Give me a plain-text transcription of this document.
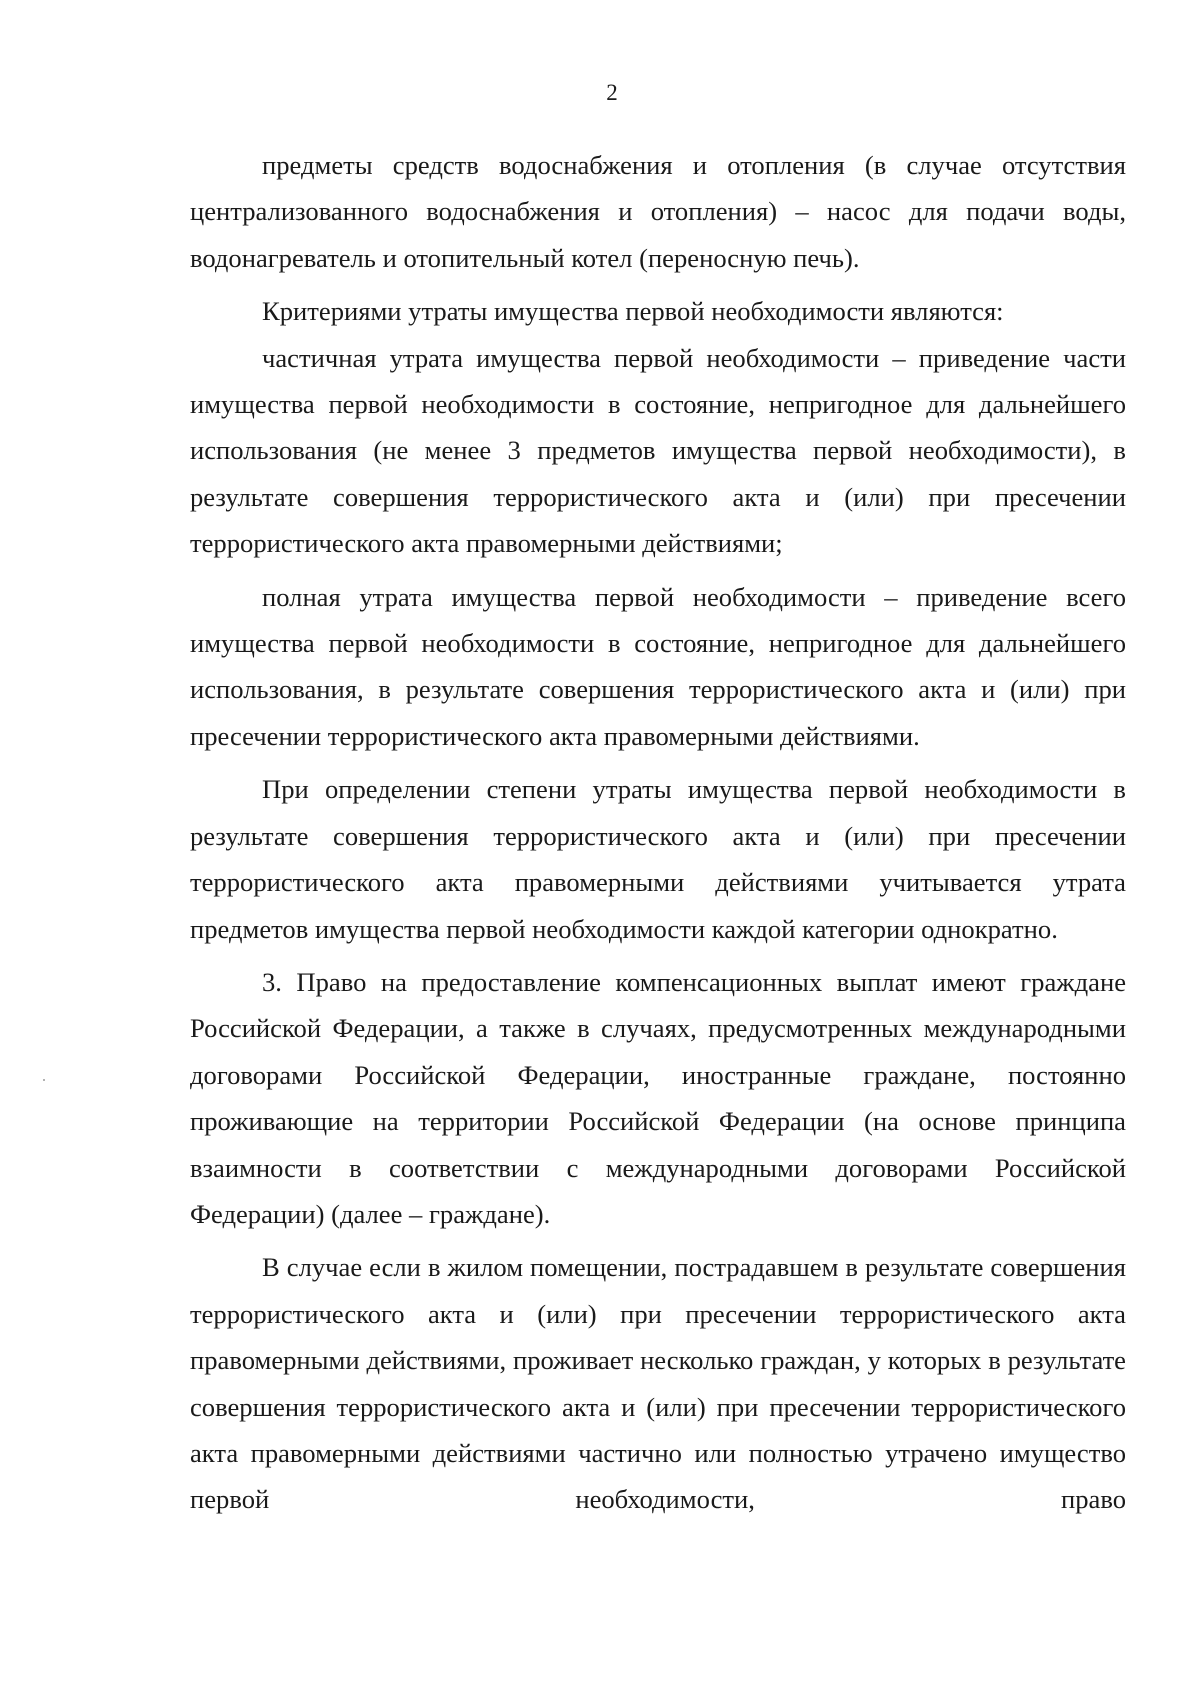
2

предметы средств водоснабжения и отопления (в случае отсутствия централизованного водоснабжения и отопления) – насос для подачи воды, водонагреватель и отопительный котел (переносную печь).

Критериями утраты имущества первой необходимости являются:

частичная утрата имущества первой необходимости – приведение части имущества первой необходимости в состояние, непригодное для дальнейшего использования (не менее 3 предметов имущества первой необходимости), в результате совершения террористического акта и (или) при пресечении террористического акта правомерными действиями;

полная утрата имущества первой необходимости – приведение всего имущества первой необходимости в состояние, непригодное для дальнейшего использования, в результате совершения террористического акта и (или) при пресечении террористического акта правомерными действиями.

При определении степени утраты имущества первой необходимости в результате совершения террористического акта и (или) при пресечении террористического акта правомерными действиями учитывается утрата предметов имущества первой необходимости каждой категории однократно.

3. Право на предоставление компенсационных выплат имеют граждане Российской Федерации, а также в случаях, предусмотренных международными договорами Российской Федерации, иностранные граждане, постоянно проживающие на территории Российской Федерации (на основе принципа взаимности в соответствии с международными договорами Российской Федерации) (далее – граждане).

В случае если в жилом помещении, пострадавшем в результате совершения террористического акта и (или) при пресечении террористического акта правомерными действиями, проживает несколько граждан, у которых в результате совершения террористического акта и (или) при пресечении террористического акта правомерными действиями частично или полностью утрачено имущество первой необходимости, право
